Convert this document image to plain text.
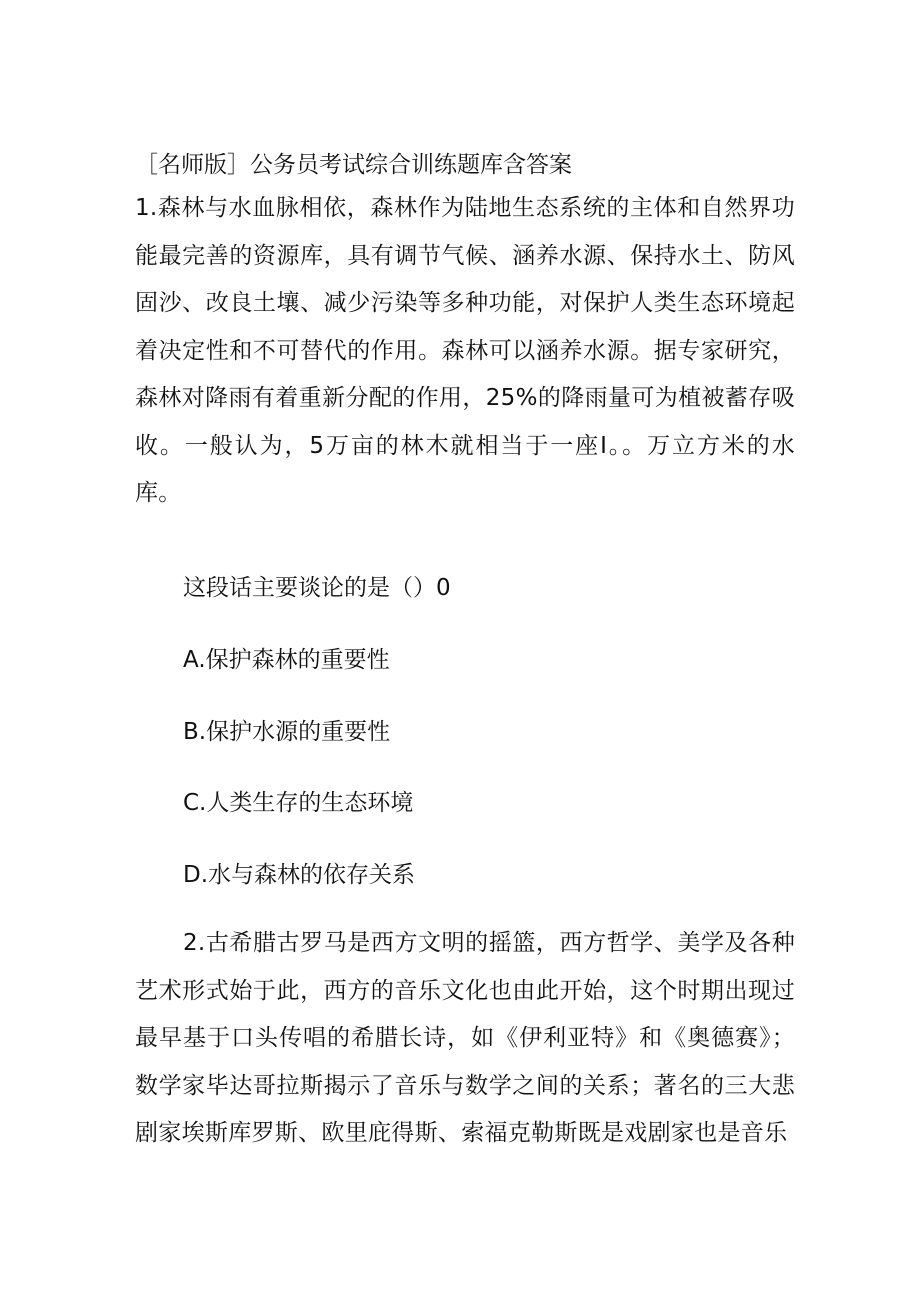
［名师版］公务员考试综合训练题库含答案
1.森林与水血脉相依，森林作为陆地生态系统的主体和自然界功能最完善的资源库，具有调节气候、涵养水源、保持水土、防风固沙、改良土壤、减少污染等多种功能，对保护人类生态环境起着决定性和不可替代的作用。森林可以涵养水源。据专家研究，森林对降雨有着重新分配的作用，25%的降雨量可为植被蓄存吸收。一般认为，5万亩的林木就相当于一座I。。万立方米的水库。
这段话主要谈论的是（）0
A.保护森林的重要性
B.保护水源的重要性
C.人类生存的生态环境
D.水与森林的依存关系
2.古希腊古罗马是西方文明的摇篮，西方哲学、美学及各种艺术形式始于此，西方的音乐文化也由此开始，这个时期出现过最早基于口头传唱的希腊长诗，如《伊利亚特》和《奥德赛》；数学家毕达哥拉斯揭示了音乐与数学之间的关系；著名的三大悲剧家埃斯库罗斯、欧里庇得斯、索福克勒斯既是戏剧家也是音乐
